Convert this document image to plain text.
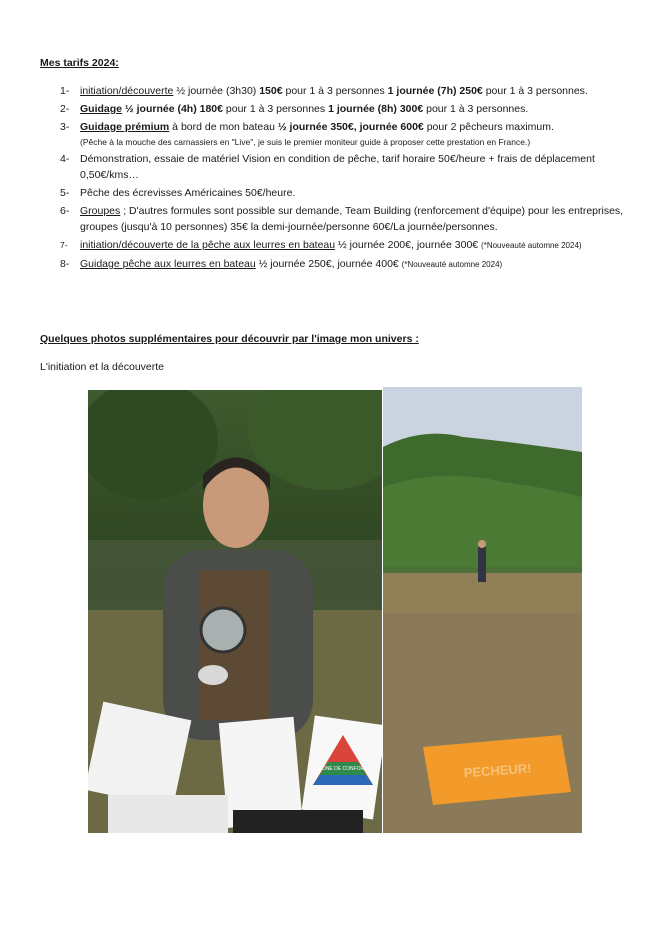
Mes tarifs 2024:
1- initiation/découverte ½ journée (3h30) 150€ pour 1 à 3 personnes 1 journée (7h) 250€ pour 1 à 3 personnes.
2- Guidage ½ journée (4h) 180€ pour 1 à 3 personnes 1 journée (8h) 300€ pour 1 à 3 personnes.
3- Guidage prémium à bord de mon bateau ½ journée 350€, journée 600€ pour 2 pêcheurs maximum.
(Pêche à la mouche des carnassiers en "Live", je suis le premier moniteur guide à proposer cette prestation en France.)
4- Démonstration, essaie de matériel Vision en condition de pêche, tarif horaire 50€/heure + frais de déplacement 0,50€/kms…
5- Pêche des écrevisses Américaines 50€/heure.
6- Groupes ; D'autres formules sont possible sur demande, Team Building (renforcement d'équipe) pour les entreprises, groupes (jusqu'à 10 personnes) 35€ la demi-journée/personne 60€/La journée/personnes.
7- initiation/découverte de la pêche aux leurres en bateau ½ journée 200€, journée 300€ (*Nouveauté automne 2024)
8- Guidage pêche aux leurres en bateau ½ journée 250€, journée 400€ (*Nouveauté automne 2024)
Quelques photos supplémentaires pour découvrir par l'image mon univers :
L'initiation et la découverte
ZONE DE CONFORT	PECHEUR!
